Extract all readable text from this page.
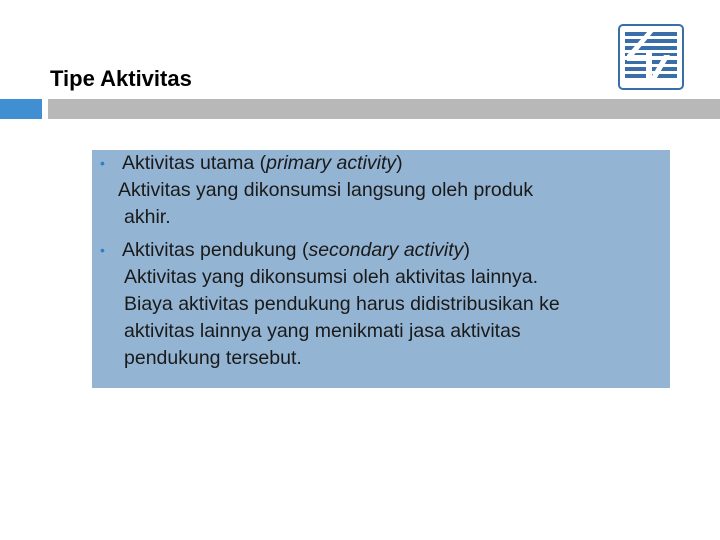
Tipe Aktivitas
• Aktivitas utama (primary activity)
Aktivitas yang dikonsumsi langsung oleh produk
akhir.
• Aktivitas pendukung (secondary activity)
Aktivitas yang dikonsumsi oleh aktivitas lainnya.
Biaya aktivitas pendukung harus didistribusikan ke
aktivitas lainnya yang menikmati jasa aktivitas
pendukung tersebut.
